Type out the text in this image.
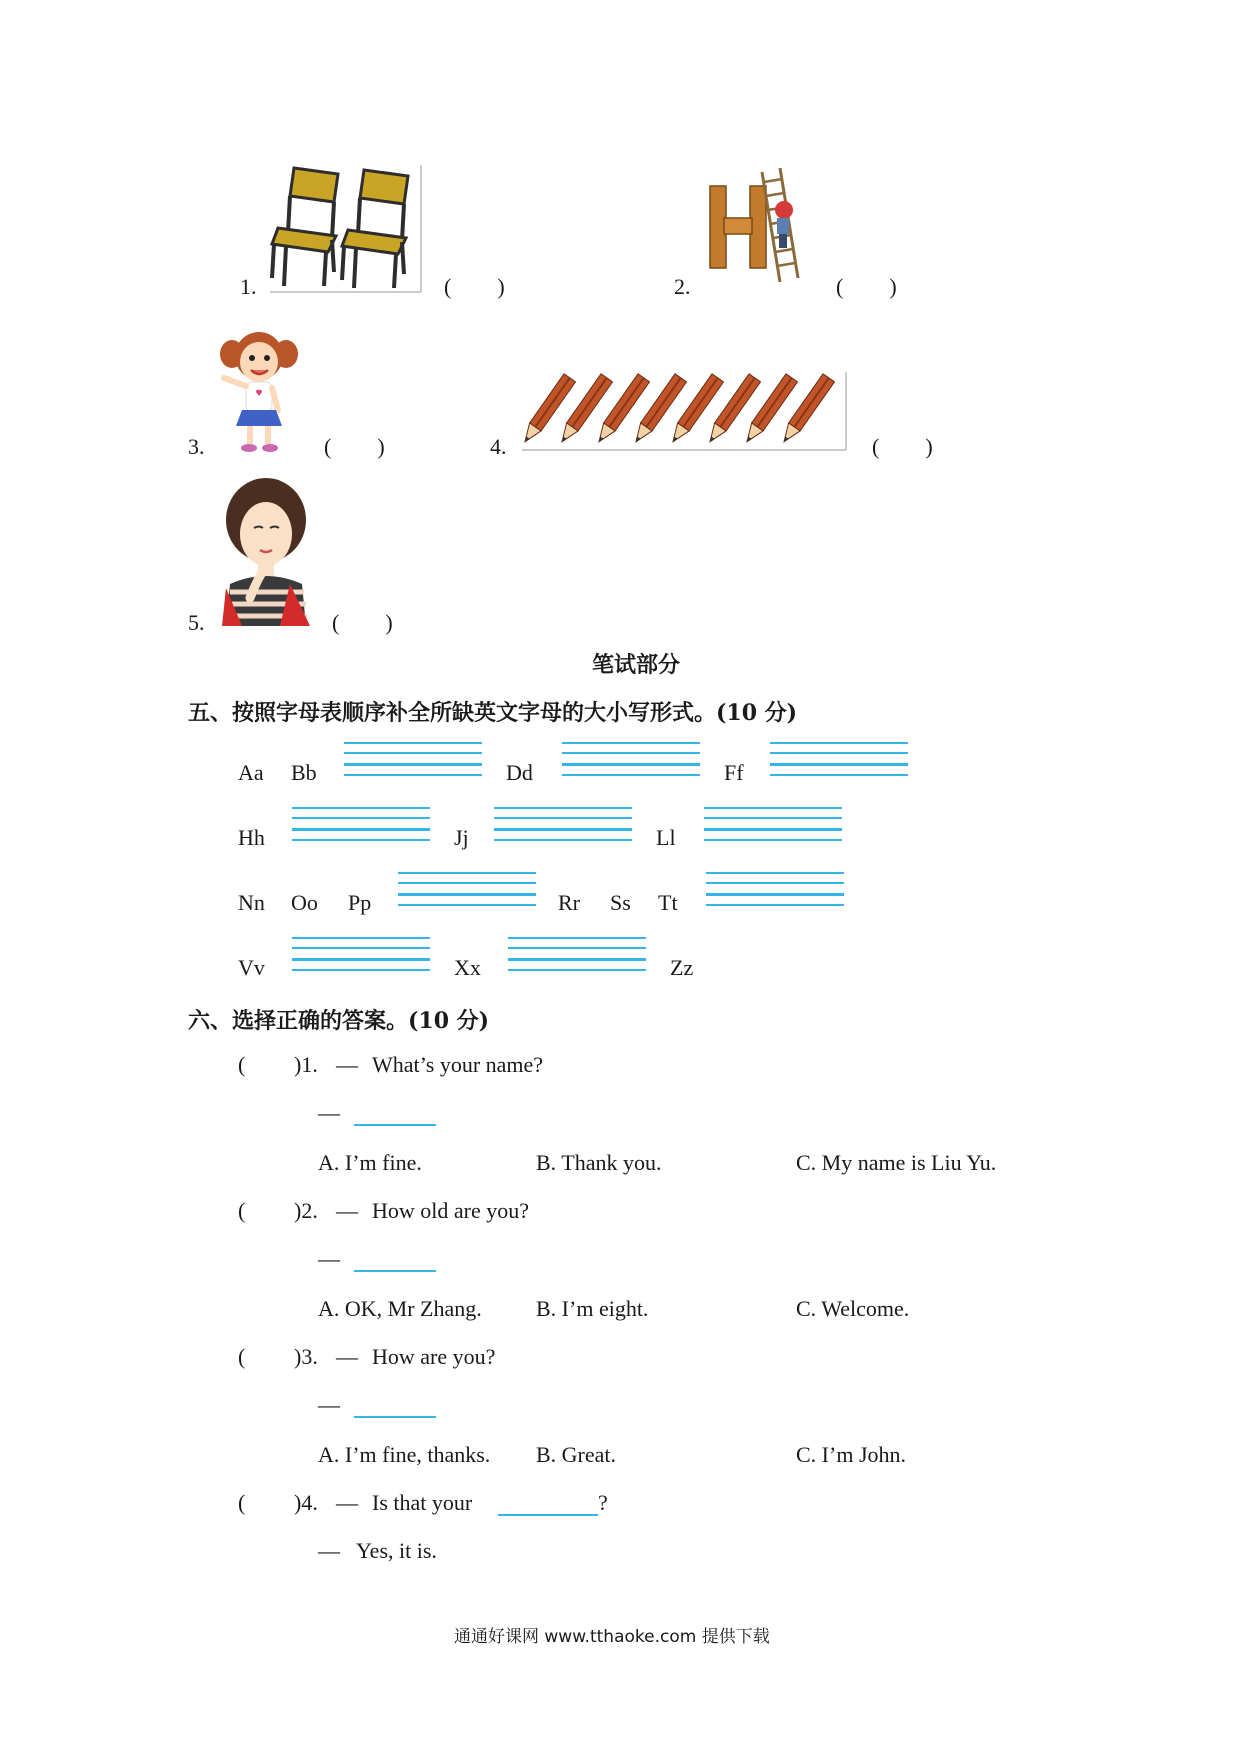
1.	( )	2.	( )
3.	( )	4.	( )
5.	( )
笔试部分
五、按照字母表顺序补全所缺英文字母的大小写形式。(10 分)
Aa Bb	Dd	Ff
Hh	Jj	Ll
Nn Oo Pp	Rr Ss Tt
Vv	Xx	Zz
六、选择正确的答案。(10 分)
( )1. — What’s your name?
—
A. I’m fine.	B. Thank you.	C. My name is Liu Yu.
( )2. — How old are you?
—
A. OK, Mr Zhang. B. I’m eight.	C. Welcome.
( )3. — How are you?
—
A. I’m fine, thanks. B. Great.	C. I’m John.
( )4. — Is that your	?
— Yes, it is.
通通好课网 www.tthaoke.com 提供下载
